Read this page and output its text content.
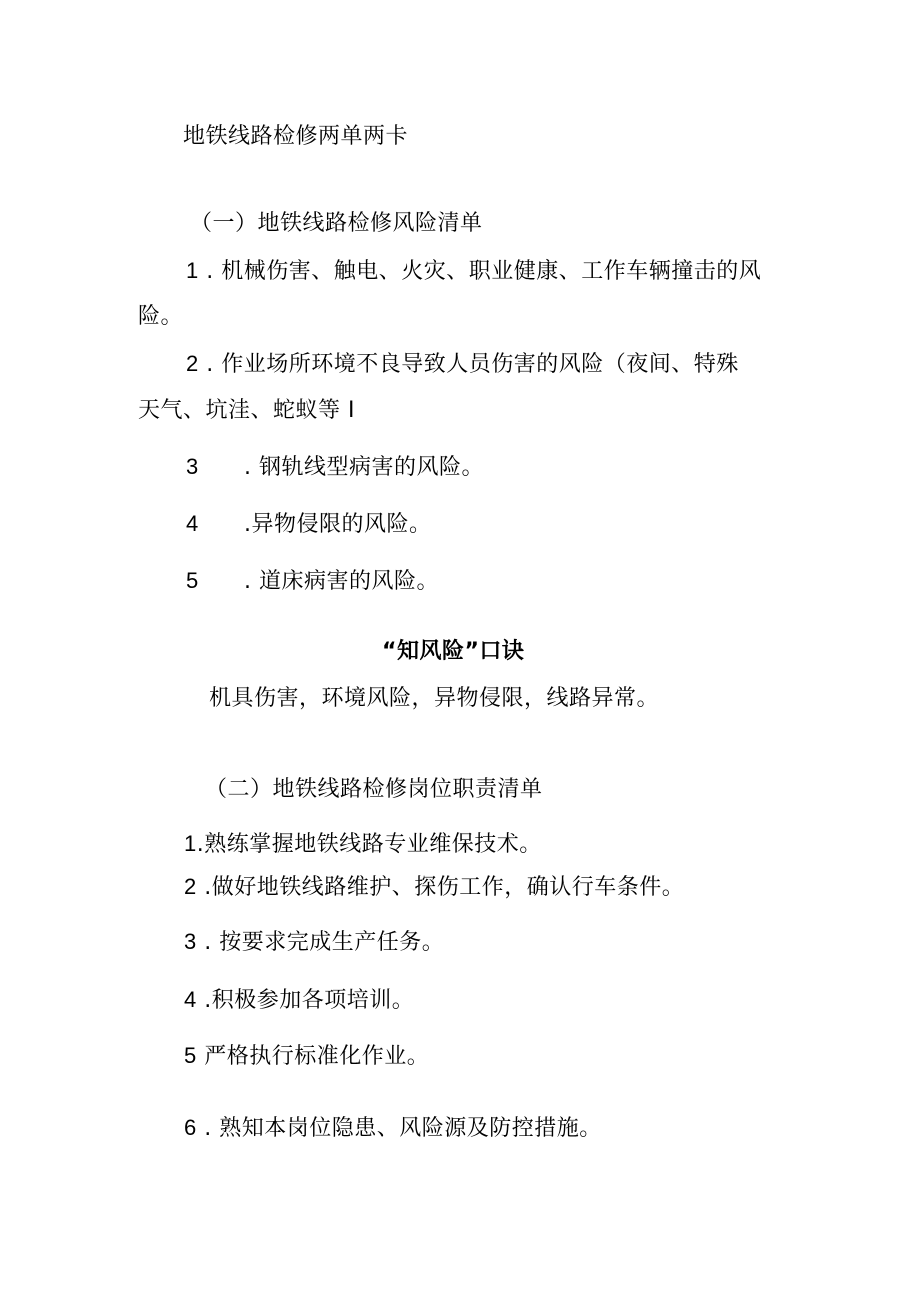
地铁线路检修两单两卡
（一）地铁线路检修风险清单
1 . 机械伤害、触电、火灾、职业健康、工作车辆撞击的风
险。
2 . 作业场所环境不良导致人员伤害的风险（夜间、特殊
天气、坑洼、蛇蚁等 I
3 . 钢轨线型病害的风险。
4 .异物侵限的风险。
5 . 道床病害的风险。
“知风险”口诀
机具伤害，环境风险，异物侵限，线路异常。
（二）地铁线路检修岗位职责清单
1.熟练掌握地铁线路专业维保技术。
2 .做好地铁线路维护、探伤工作，确认行车条件。
3 . 按要求完成生产任务。
4 .积极参加各项培训。
5 严格执行标准化作业。
6 . 熟知本岗位隐患、风险源及防控措施。
